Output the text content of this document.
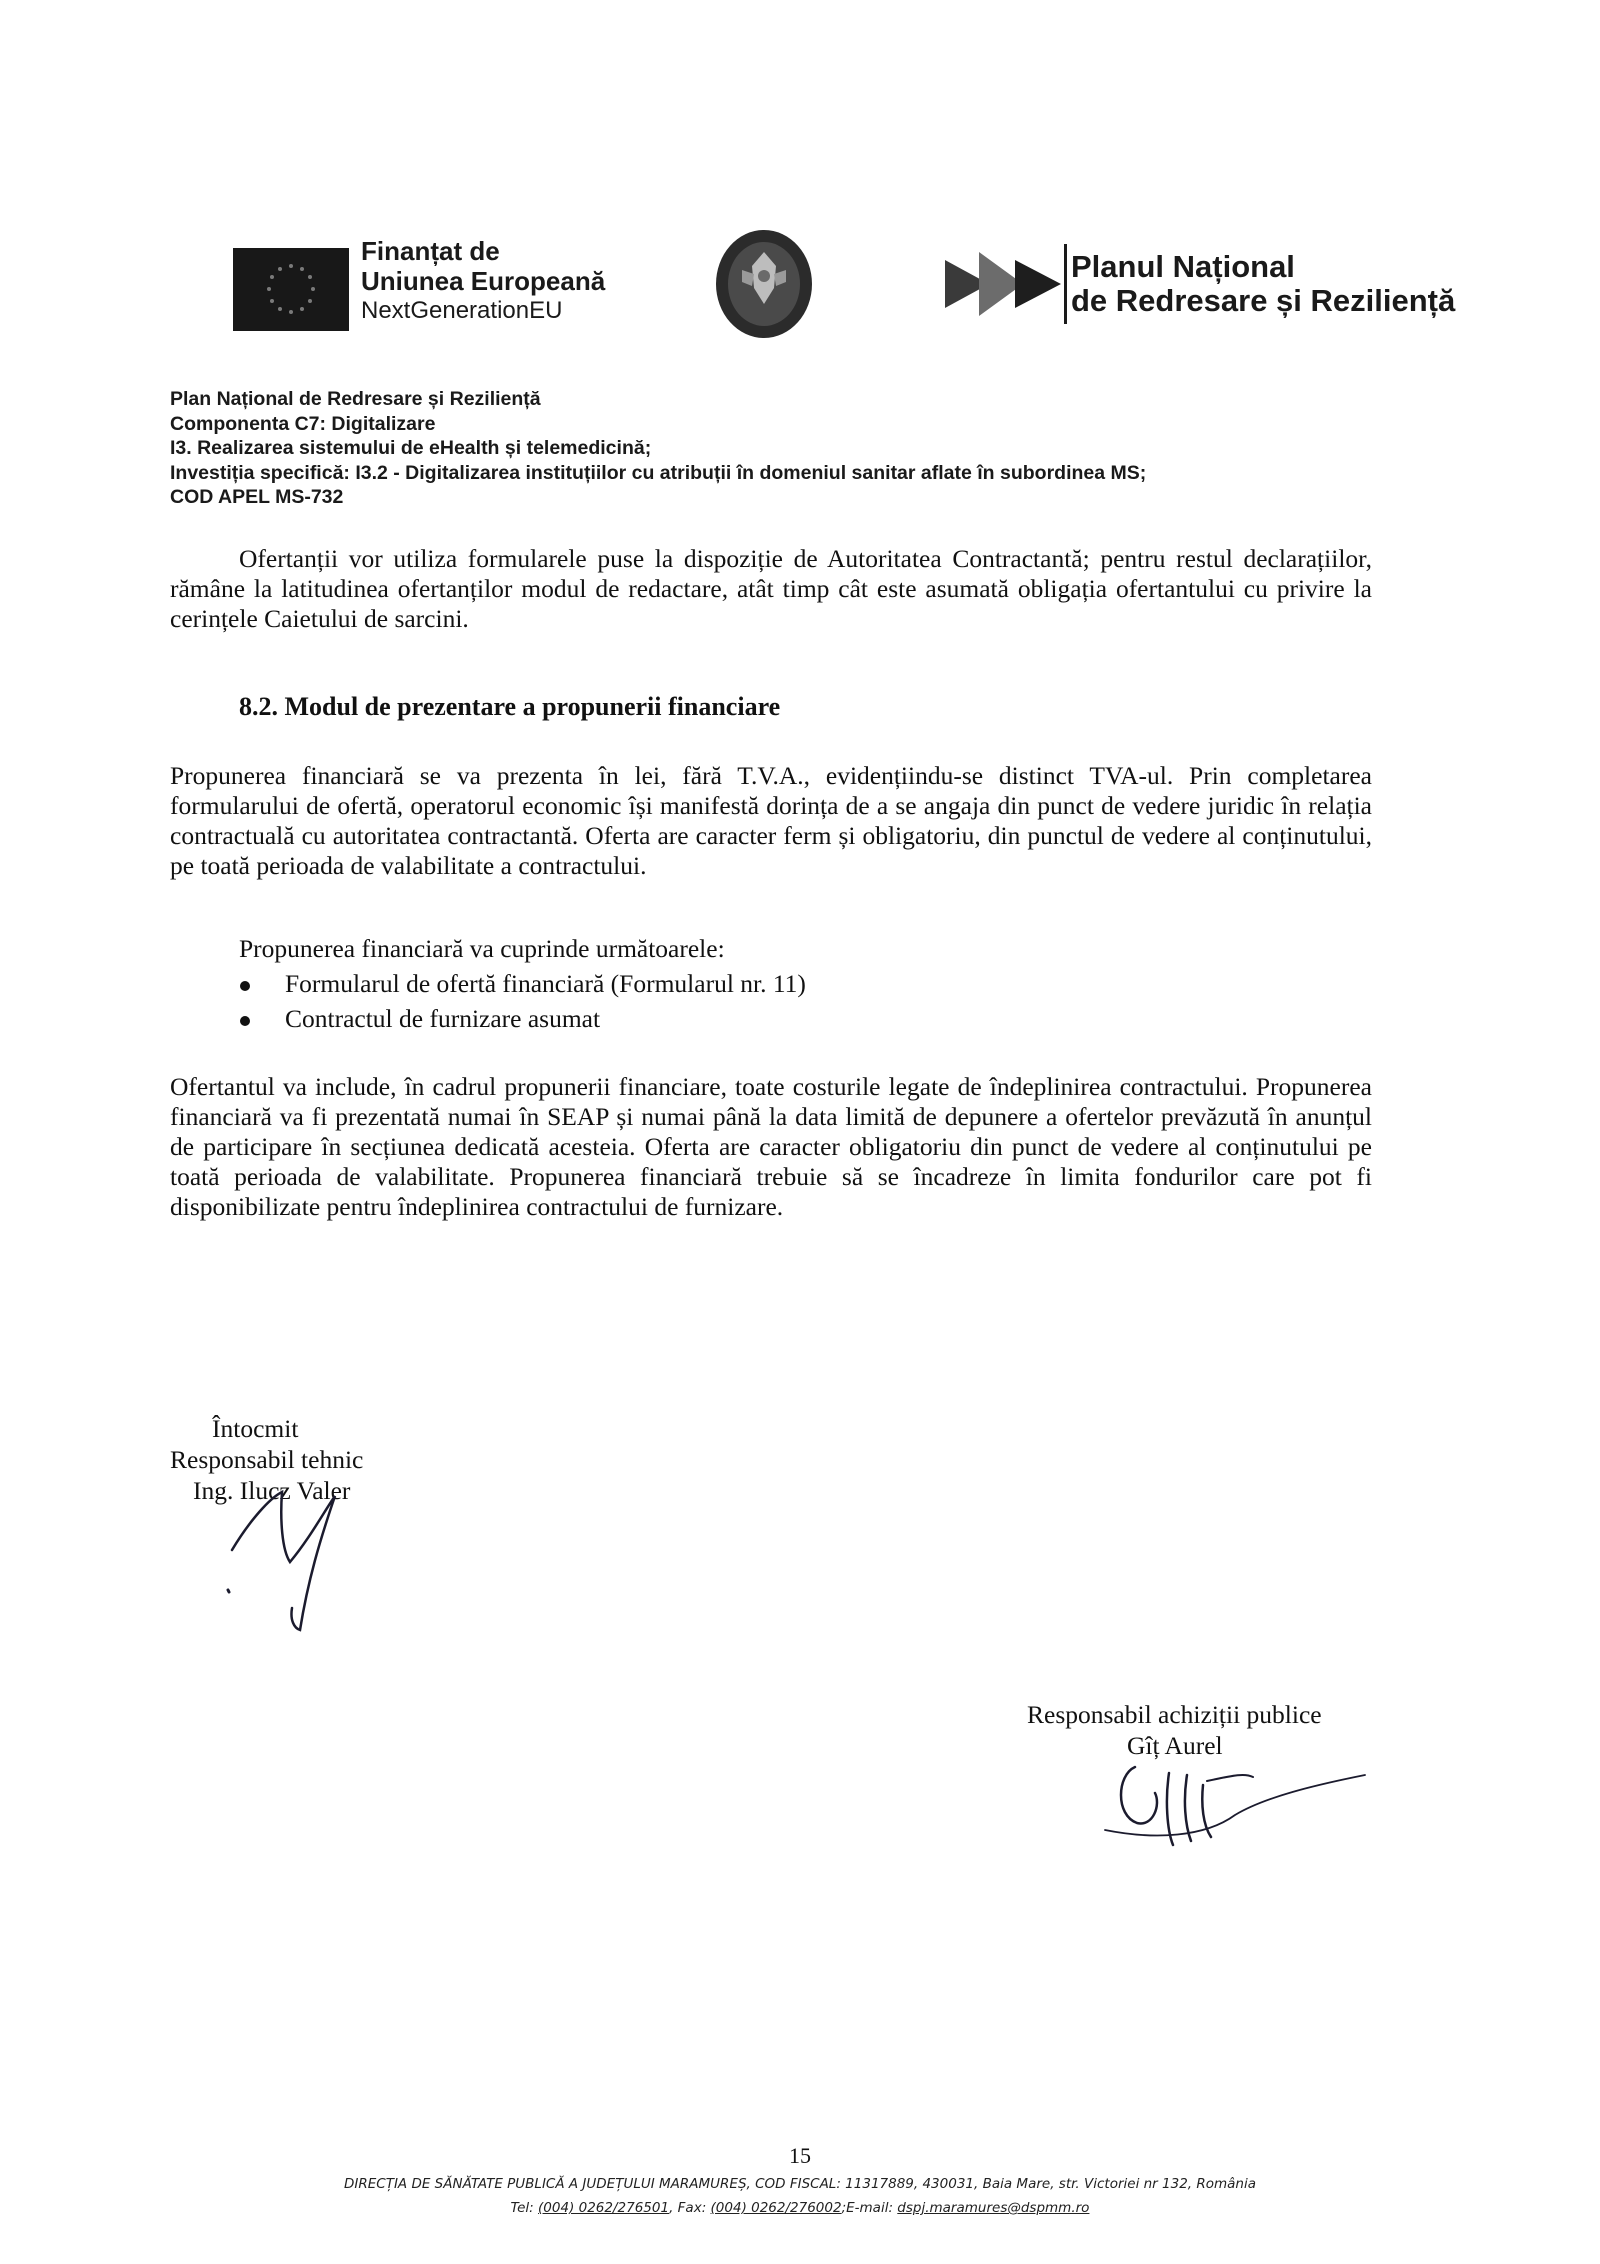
Finanțat de
Uniunea Europeană
NextGenerationEU
Planul Național
de Redresare și Reziliență
Plan Național de Redresare și Reziliență
Componenta C7: Digitalizare
I3. Realizarea sistemului de eHealth și telemedicină;
Investiția specifică: I3.2 - Digitalizarea instituțiilor cu atribuții în domeniul sanitar aflate în subordinea MS;
COD APEL MS-732

Ofertanții vor utiliza formularele puse la dispoziție de Autoritatea Contractantă; pentru restul declarațiilor, rămâne la latitudinea ofertanților modul de redactare, atât timp cât este asumată obligația ofertantului cu privire la cerințele Caietului de sarcini.

8.2. Modul de prezentare a propunerii financiare

Propunerea financiară se va prezenta în lei, fără T.V.A., evidențiindu-se distinct TVA-ul. Prin completarea formularului de ofertă, operatorul economic își manifestă dorința de a se angaja din punct de vedere juridic în relația contractuală cu autoritatea contractantă. Oferta are caracter ferm și obligatoriu, din punctul de vedere al conținutului, pe toată perioada de valabilitate a contractului.

Propunerea financiară va cuprinde următoarele:

Formularul de ofertă financiară (Formularul nr. 11)
Contractul de furnizare asumat

Ofertantul va include, în cadrul propunerii financiare, toate costurile legate de îndeplinirea contractului. Propunerea financiară va fi prezentată numai în SEAP și numai până la data limită de depunere a ofertelor prevăzută în anunțul de participare în secțiunea dedicată acesteia. Oferta are caracter obligatoriu din punct de vedere al conținutului pe toată perioada de valabilitate. Propunerea financiară trebuie să se încadreze în limita fondurilor care pot fi disponibilizate pentru îndeplinirea contractului de furnizare.

Întocmit
Responsabil tehnic
Ing. Ilucz Valer
Responsabil achiziții publice
Gîț Aurel
15
DIRECȚIA DE SĂNĂTATE PUBLICĂ A JUDEȚULUI MARAMUREȘ, COD FISCAL: 11317889, 430031, Baia Mare, str. Victoriei nr 132, România
Tel: (004) 0262/276501, Fax: (004) 0262/276002;E-mail: dspj.maramures@dspmm.ro
